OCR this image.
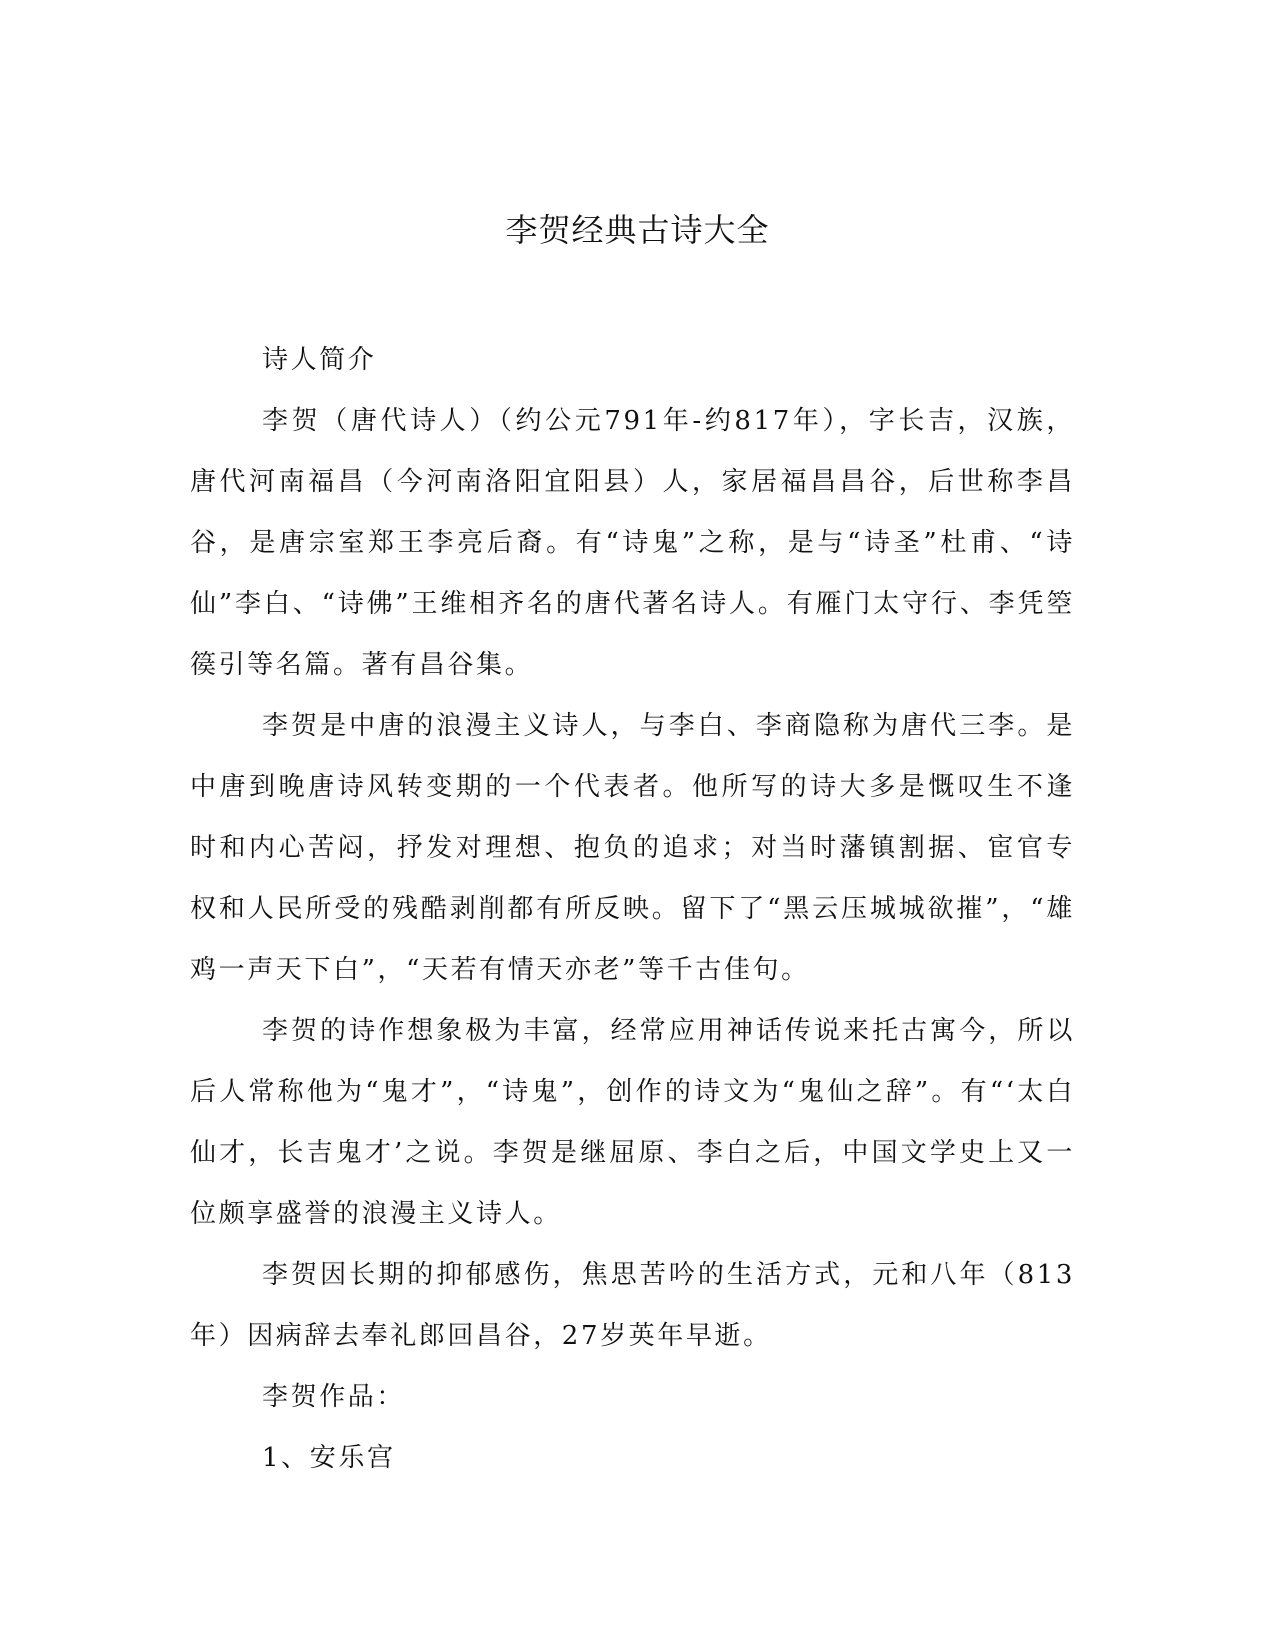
李贺经典古诗大全

诗人简介

李贺（唐代诗人）（约公元791年-约817年），字长吉，汉族，唐代河南福昌（今河南洛阳宜阳县）人，家居福昌昌谷，后世称李昌谷，是唐宗室郑王李亮后裔。有“诗鬼”之称，是与“诗圣”杜甫、“诗仙”李白、“诗佛”王维相齐名的唐代著名诗人。有雁门太守行、李凭箜篌引等名篇。著有昌谷集。

李贺是中唐的浪漫主义诗人，与李白、李商隐称为唐代三李。是中唐到晚唐诗风转变期的一个代表者。他所写的诗大多是慨叹生不逢时和内心苦闷，抒发对理想、抱负的追求；对当时藩镇割据、宦官专权和人民所受的残酷剥削都有所反映。留下了“黑云压城城欲摧”，“雄鸡一声天下白”，“天若有情天亦老”等千古佳句。

李贺的诗作想象极为丰富，经常应用神话传说来托古寓今，所以后人常称他为“鬼才”，“诗鬼”，创作的诗文为“鬼仙之辞”。有“‘太白仙才，长吉鬼才’之说。李贺是继屈原、李白之后，中国文学史上又一位颇享盛誉的浪漫主义诗人。

李贺因长期的抑郁感伤，焦思苦吟的生活方式，元和八年（813年）因病辞去奉礼郎回昌谷，27岁英年早逝。

李贺作品：

1、安乐宫
